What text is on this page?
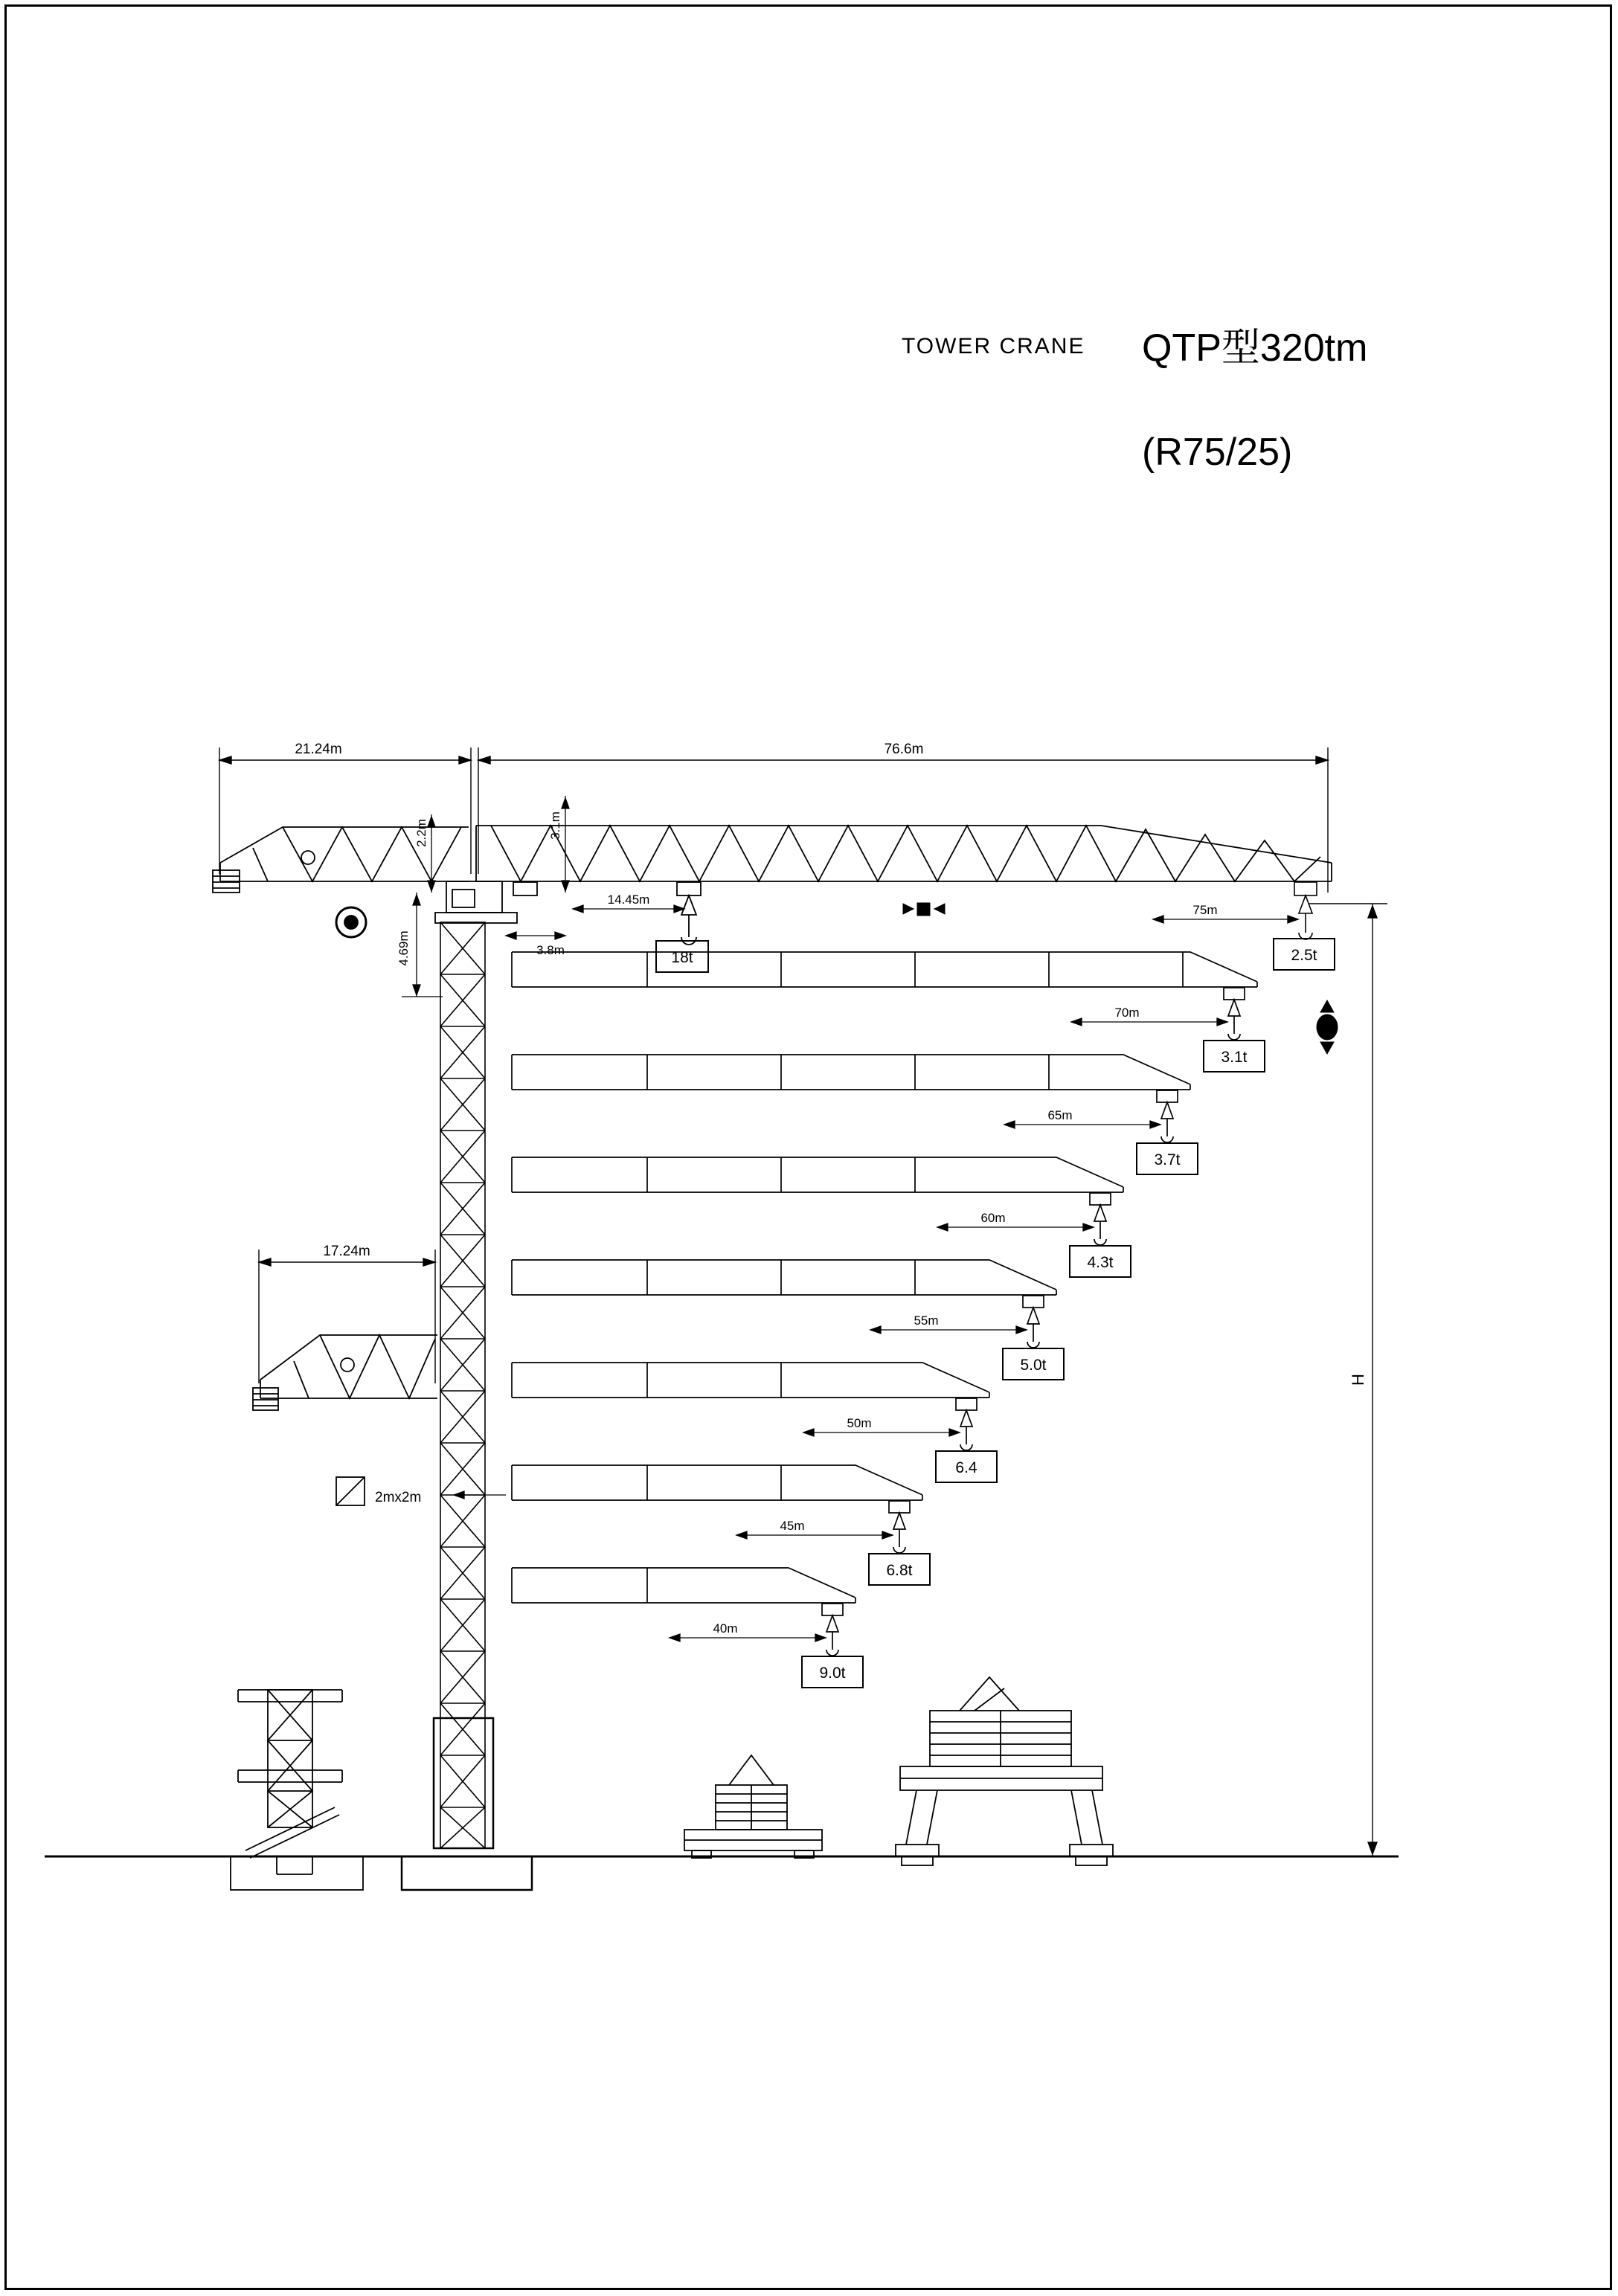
TOWER CRANE QTP型320tm
(R75/25)
21.24m	76.6m
2.2m	3.1m
3.8m
4.69m
14.45m
18t
H
75m
2.5t
70m
3.1t
65m
3.7t
60m
4.3t
55m
5.0t
50m
6.4
45m
6.8t
40m
9.0t
17.24m
2mx2m
